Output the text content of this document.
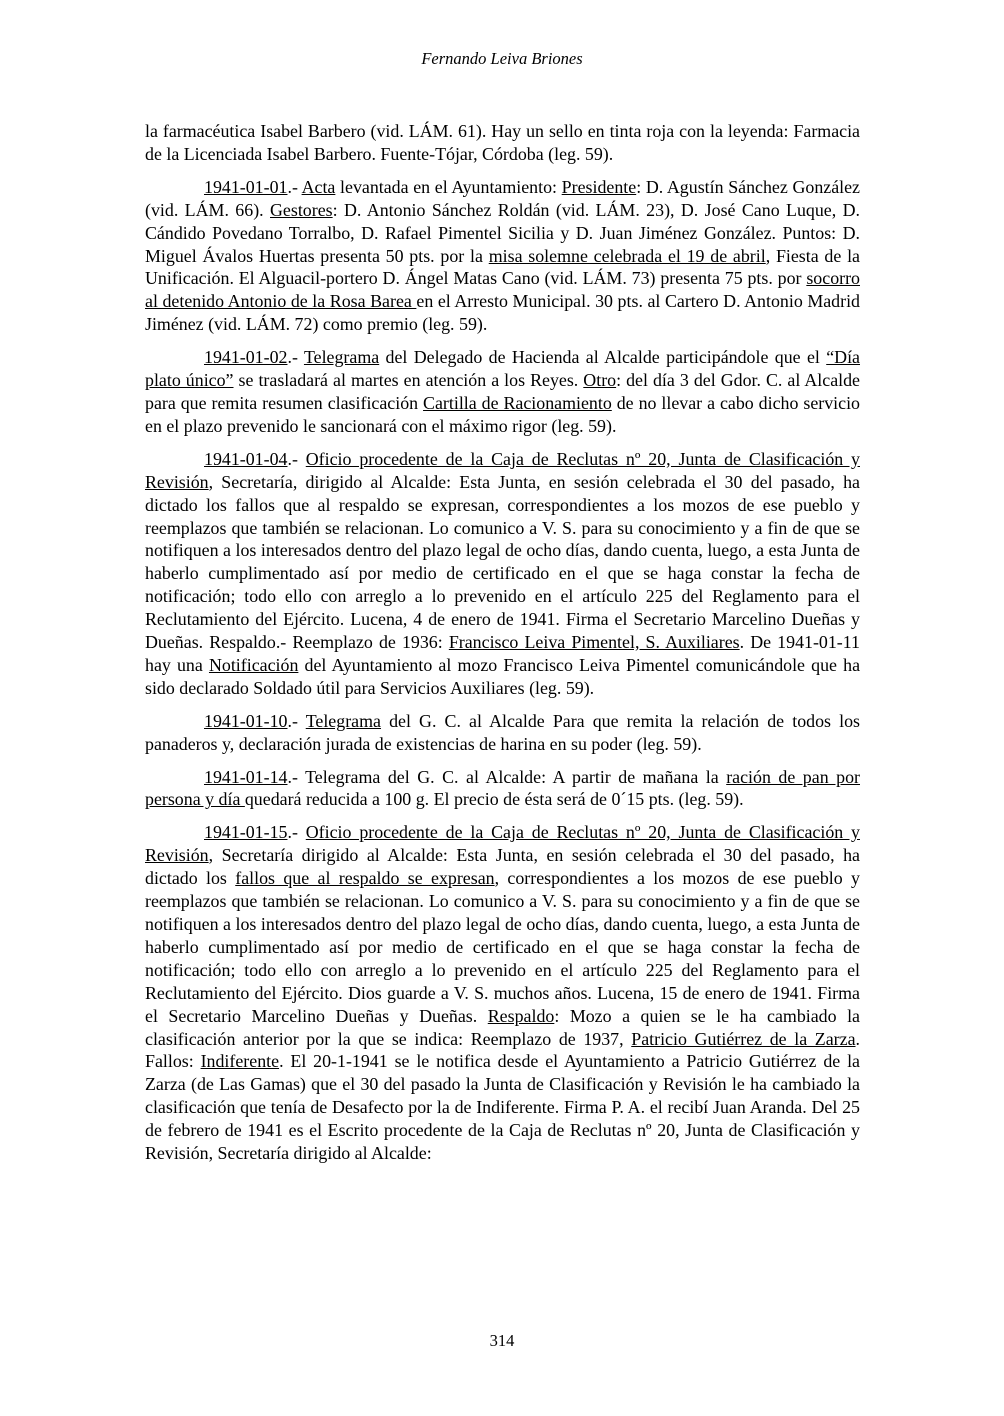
Fernando Leiva Briones

la farmacéutica Isabel Barbero (vid. LÁM. 61). Hay un sello en tinta roja con la leyenda: Farmacia de la Licenciada Isabel Barbero. Fuente-Tójar, Córdoba (leg. 59).

1941-01-01.- Acta levantada en el Ayuntamiento: Presidente: D. Agustín Sánchez González (vid. LÁM. 66). Gestores: D. Antonio Sánchez Roldán (vid. LÁM. 23), D. José Cano Luque, D. Cándido Povedano Torralbo, D. Rafael Pimentel Sicilia y D. Juan Jiménez González. Puntos: D. Miguel Ávalos Huertas presenta 50 pts. por la misa solemne celebrada el 19 de abril, Fiesta de la Unificación. El Alguacil-portero D. Ángel Matas Cano (vid. LÁM. 73) presenta 75 pts. por socorro al detenido Antonio de la Rosa Barea en el Arresto Municipal. 30 pts. al Cartero D. Antonio Madrid Jiménez (vid. LÁM. 72) como premio (leg. 59).

1941-01-02.- Telegrama del Delegado de Hacienda al Alcalde participándole que el “Día plato único” se trasladará al martes en atención a los Reyes. Otro: del día 3 del Gdor. C. al Alcalde para que remita resumen clasificación Cartilla de Racionamiento de no llevar a cabo dicho servicio en el plazo prevenido le sancionará con el máximo rigor (leg. 59).

1941-01-04.- Oficio procedente de la Caja de Reclutas nº 20, Junta de Clasificación y Revisión, Secretaría, dirigido al Alcalde: Esta Junta, en sesión celebrada el 30 del pasado, ha dictado los fallos que al respaldo se expresan, correspondientes a los mozos de ese pueblo y reemplazos que también se relacionan. Lo comunico a V. S. para su conocimiento y a fin de que se notifiquen a los interesados dentro del plazo legal de ocho días, dando cuenta, luego, a esta Junta de haberlo cumplimentado así por medio de certificado en el que se haga constar la fecha de notificación; todo ello con arreglo a lo prevenido en el artículo 225 del Reglamento para el Reclutamiento del Ejército. Lucena, 4 de enero de 1941. Firma el Secretario Marcelino Dueñas y Dueñas. Respaldo.- Reemplazo de 1936: Francisco Leiva Pimentel, S. Auxiliares. De 1941-01-11 hay una Notificación del Ayuntamiento al mozo Francisco Leiva Pimentel comunicándole que ha sido declarado Soldado útil para Servicios Auxiliares (leg. 59).

1941-01-10.- Telegrama del G. C. al Alcalde Para que remita la relación de todos los panaderos y, declaración jurada de existencias de harina en su poder (leg. 59).

1941-01-14.- Telegrama del G. C. al Alcalde: A partir de mañana la ración de pan por persona y día quedará reducida a 100 g. El precio de ésta será de 0´15 pts. (leg. 59).

1941-01-15.- Oficio procedente de la Caja de Reclutas nº 20, Junta de Clasificación y Revisión, Secretaría dirigido al Alcalde: Esta Junta, en sesión celebrada el 30 del pasado, ha dictado los fallos que al respaldo se expresan, correspondientes a los mozos de ese pueblo y reemplazos que también se relacionan. Lo comunico a V. S. para su conocimiento y a fin de que se notifiquen a los interesados dentro del plazo legal de ocho días, dando cuenta, luego, a esta Junta de haberlo cumplimentado así por medio de certificado en el que se haga constar la fecha de notificación; todo ello con arreglo a lo prevenido en el artículo 225 del Reglamento para el Reclutamiento del Ejército. Dios guarde a V. S. muchos años. Lucena, 15 de enero de 1941. Firma el Secretario Marcelino Dueñas y Dueñas. Respaldo: Mozo a quien se le ha cambiado la clasificación anterior por la que se indica: Reemplazo de 1937, Patricio Gutiérrez de la Zarza. Fallos: Indiferente. El 20-1-1941 se le notifica desde el Ayuntamiento a Patricio Gutiérrez de la Zarza (de Las Gamas) que el 30 del pasado la Junta de Clasificación y Revisión le ha cambiado la clasificación que tenía de Desafecto por la de Indiferente. Firma P. A. el recibí Juan Aranda. Del 25 de febrero de 1941 es el Escrito procedente de la Caja de Reclutas nº 20, Junta de Clasificación y Revisión, Secretaría dirigido al Alcalde:

314
